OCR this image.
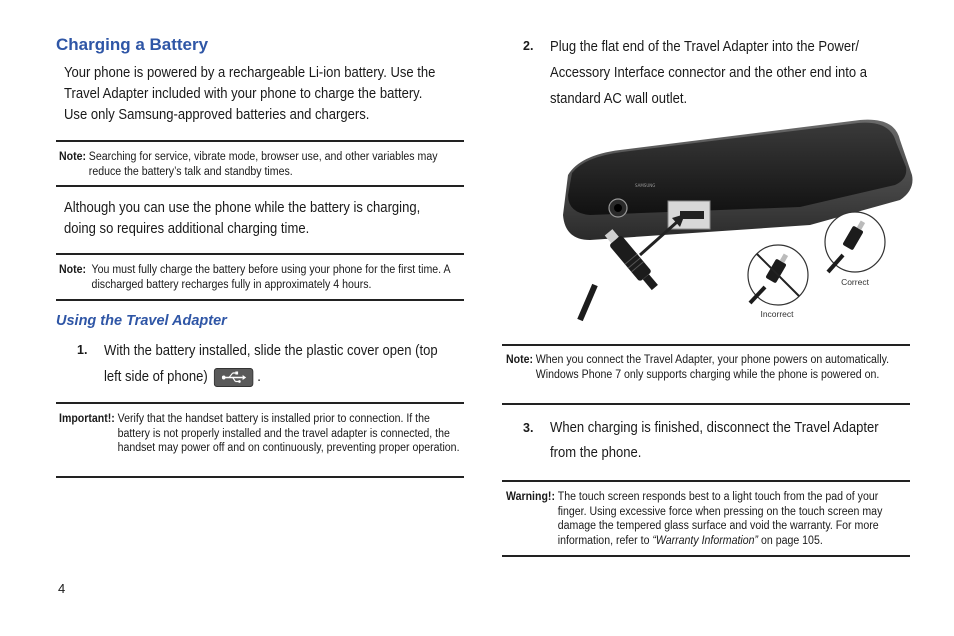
Charging a Battery
Your phone is powered by a rechargeable Li-ion battery. Use the
Travel Adapter included with your phone to charge the battery.
Use only Samsung-approved batteries and chargers.
Note: Searching for service, vibrate mode, browser use, and other variables may reduce the battery’s talk and standby times.
Although you can use the phone while the battery is charging,
doing so requires additional charging time.
Note: You must fully charge the battery before using your phone for the first time. A discharged battery recharges fully in approximately 4 hours.
Using the Travel Adapter
1. With the battery installed, slide the plastic cover open (top
left side of phone)	.
Important!: Verify that the handset battery is installed prior to connection. If the battery is not properly installed and the travel adapter is connected, the handset may power off and on continuously, preventing proper operation.
2. Plug the flat end of the Travel Adapter into the Power/
Accessory Interface connector and the other end into a
standard AC wall outlet.
SAMSUNG
Incorrect
Correct
Note: When you connect the Travel Adapter, your phone powers on automatically. Windows Phone 7 only supports charging while the phone is powered on.
3. When charging is finished, disconnect the Travel Adapter
from the phone.
Warning!: The touch screen responds best to a light touch from the pad of your finger. Using excessive force when pressing on the touch screen may damage the tempered glass surface and void the warranty. For more information, refer to “Warranty Information” on page 105.
4
